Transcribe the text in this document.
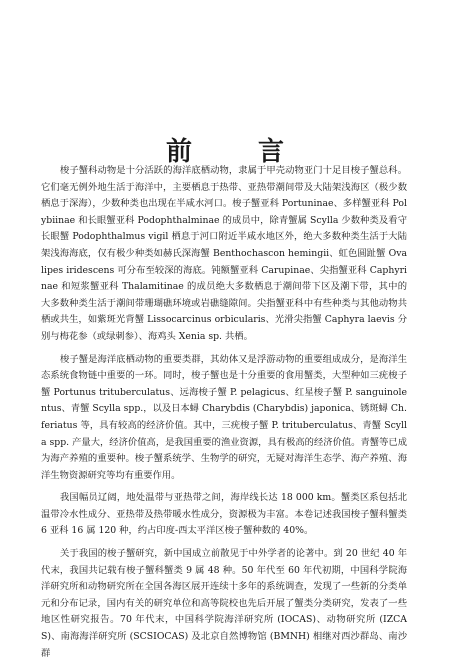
前　言

梭子蟹科动物是十分活跃的海洋底栖动物，隶属于甲壳动物亚门十足目梭子蟹总科。它们毫无例外地生活于海洋中，主要栖息于热带、亚热带潮间带及大陆架浅海区（极少数栖息于深海），少数种类也出现在半咸水河口。梭子蟹亚科 Portuninae、多样蟹亚科 Polybiinae 和长眼蟹亚科 Podophthalminae 的成员中，除青蟹属 Scylla 少数种类及看守长眼蟹 Podophthalmus vigil 栖息于河口附近半咸水地区外，绝大多数种类生活于大陆架浅海海底，仅有极少种类如赫氏深海蟹 Benthochascon hemingii、虹色圆趾蟹 Ovalipes iridescens 可分布至较深的海底。钝额蟹亚科 Carupinae、尖指蟹亚科 Caphyrinae 和短浆蟹亚科 Thalamitinae 的成员绝大多数栖息于潮间带下区及潮下带，其中的大多数种类生活于潮间带珊瑚礁环境或岩礁缝隙间。尖指蟹亚科中有些种类与其他动物共栖或共生，如紫斑光背蟹 Lissocarcinus orbicularis、光滑尖指蟹 Caphyra laevis 分别与梅花参（或绿刺参）、海鸡头 Xenia sp. 共栖。

梭子蟹是海洋底栖动物的重要类群，其幼体又是浮游动物的重要组成成分，是海洋生态系统食物链中重要的一环。同时，梭子蟹也是十分重要的食用蟹类，大型种如三疣梭子蟹 Portunus trituberculatus、远海梭子蟹 P. pelagicus、红星梭子蟹 P. sanguinolentus、青蟹 Scylla spp.，以及日本蟳 Charybdis (Charybdis) japonica、锈斑蟳 Ch. feriatus 等，具有较高的经济价值。其中，三疣梭子蟹 P. trituberculatus、青蟹 Scylla spp. 产量大，经济价值高，是我国重要的渔业资源，具有极高的经济价值。青蟹等已成为海产养殖的重要种。梭子蟹系统学、生物学的研究，无疑对海洋生态学、海产养殖、海洋生物资源研究等均有重要作用。

我国幅员辽阔，地处温带与亚热带之间，海岸线长达 18 000 km。蟹类区系包括北温带冷水性成分、亚热带及热带暖水性成分，资源极为丰富。本卷记述我国梭子蟹科蟹类 6 亚科 16 属 120 种，约占印度-西太平洋区梭子蟹种数的 40%。

关于我国的梭子蟹研究，新中国成立前散见于中外学者的论著中。到 20 世纪 40 年代末，我国共记载有梭子蟹科蟹类 9 属 48 种。50 年代至 60 年代初期，中国科学院海洋研究所和动物研究所在全国各海区展开连续十多年的系统调查，发现了一些新的分类单元和分布记录，国内有关的研究单位和高等院校也先后开展了蟹类分类研究，发表了一些地区性研究报告。70 年代末，中国科学院海洋研究所 (IOCAS)、动物研究所 (IZCAS)、南海海洋研究所 (SCSIOCAS) 及北京自然博物馆 (BMNH) 相继对西沙群岛、南沙群
